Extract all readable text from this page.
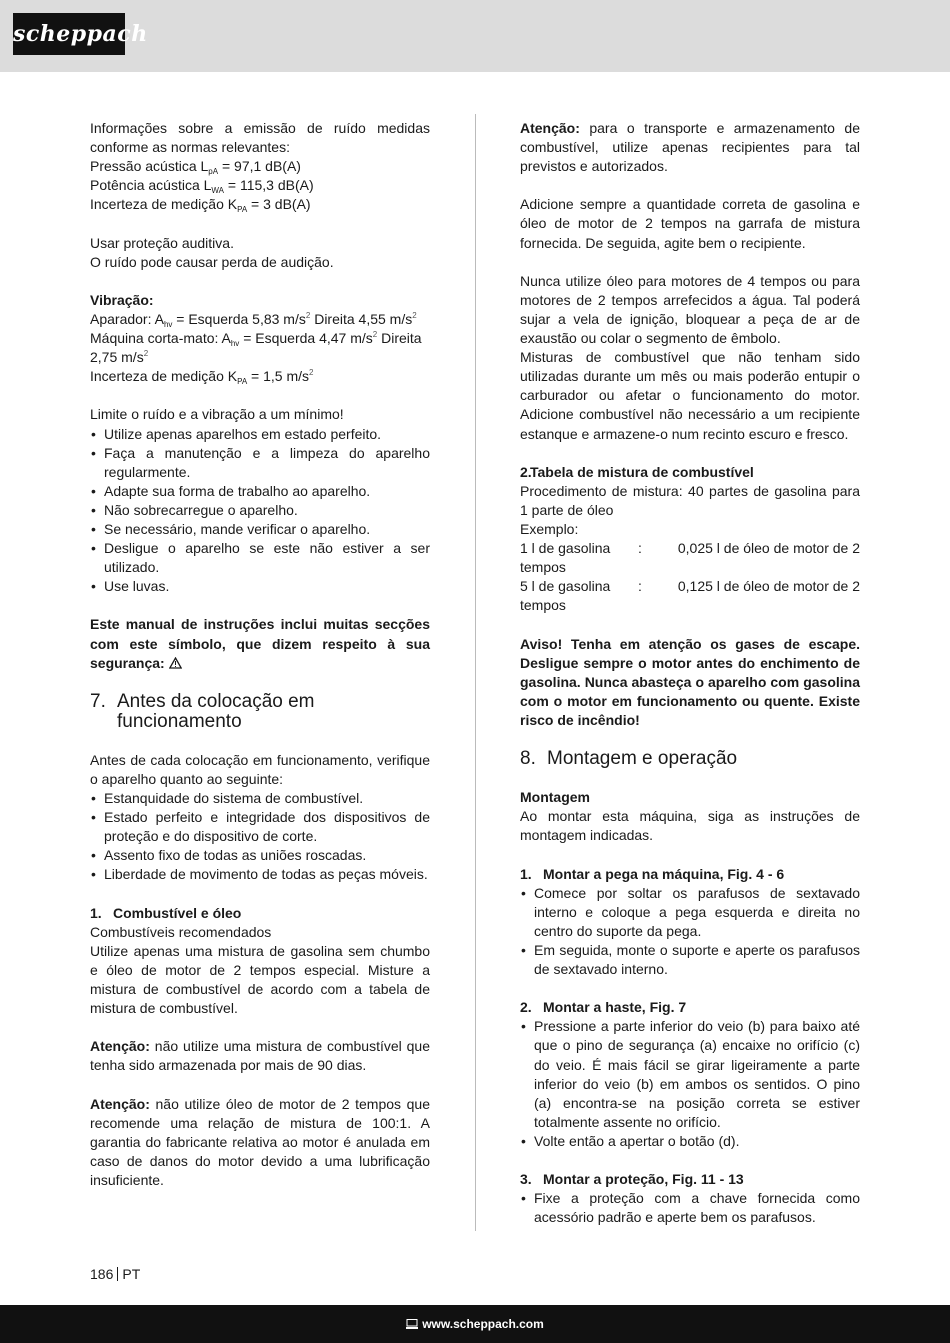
scheppach

Informações sobre a emissão de ruído medidas conforme as normas relevantes:

Pressão acústica $L_{pA} = 97,1$ dB(A)

Potência acústica $L_{WA} = 115,3$ dB(A)

Incerteza de medição $K_{PA} = 3$ dB(A)

Usar proteção auditiva.

O ruído pode causar perda de audição.

Vibração:

Aparador: $A_{hv}$ = Esquerda 5,83 $m/s^2$ Direita 4,55 $m/s^2$

Máquina corta-mato: $A_{hv}$ = Esquerda 4,47 $m/s^2$ Direita 2,75 $m/s^2$

Incerteza de medição $K_{PA} = 1,5$ $m/s^2$

Limite o ruído e a vibração a um mínimo!

• Utilize apenas aparelhos em estado perfeito.
• Faça a manutenção e a limpeza do aparelho regularmente.
• Adapte sua forma de trabalho ao aparelho.
• Não sobrecarregue o aparelho.
• Se necessário, mande verificar o aparelho.
• Desligue o aparelho se este não estiver a ser utilizado.
• Use luvas.

Este manual de instruções inclui muitas secções com este símbolo, que dizem respeito à sua segurança:

7. Antes da colocação em funcionamento

Antes de cada colocação em funcionamento, verifique o aparelho quanto ao seguinte:

• Estanquidade do sistema de combustível.
• Estado perfeito e integridade dos dispositivos de proteção e do dispositivo de corte.
• Assento fixo de todas as uniões roscadas.
• Liberdade de movimento de todas as peças móveis.

1. Combustível e óleo

Combustíveis recomendados

Utilize apenas uma mistura de gasolina sem chumbo e óleo de motor de 2 tempos especial. Misture a mistura de combustível de acordo com a tabela de mistura de combustível.

Atenção: não utilize uma mistura de combustível que tenha sido armazenada por mais de 90 dias.

Atenção: não utilize óleo de motor de 2 tempos que recomende uma relação de mistura de 100:1. A garantia do fabricante relativa ao motor é anulada em caso de danos do motor devido a uma lubrificação insuficiente.

Atenção: para o transporte e armazenamento de combustível, utilize apenas recipientes para tal previstos e autorizados.

Adicione sempre a quantidade correta de gasolina e óleo de motor de 2 tempos na garrafa de mistura fornecida. De seguida, agite bem o recipiente.

Nunca utilize óleo para motores de 4 tempos ou para motores de 2 tempos arrefecidos a água. Tal poderá sujar a vela de ignição, bloquear a peça de ar de exaustão ou colar o segmento de êmbolo.

Misturas de combustível que não tenham sido utilizadas durante um mês ou mais poderão entupir o carburador ou afetar o funcionamento do motor. Adicione combustível não necessário a um recipiente estanque e armazene-o num recinto escuro e fresco.

2.
Tabela de mistura de combustível

Procedimento de mistura: 40 partes de gasolina para 1 parte de óleo

Exemplo:

1 l de gasolina	:	0,025 l de óleo de motor de 2

tempos

5 l de gasolina	:	0,125 l de óleo de motor de 2

tempos

Aviso! Tenha em atenção os gases de escape. Desligue sempre o motor antes do enchimento de gasolina. Nunca abasteça o aparelho com gasolina com o motor em funcionamento ou quente. Existe risco de incêndio!

8. Montagem e operação

Montagem

Ao montar esta máquina, siga as instruções de montagem indicadas.

1. Montar a pega na máquina, Fig. 4 - 6

• Comece por soltar os parafusos de sextavado interno e coloque a pega esquerda e direita no centro do suporte da pega.
• Em seguida, monte o suporte e aperte os parafusos de sextavado interno.

2. Montar a haste, Fig. 7

• Pressione a parte inferior do veio (b) para baixo até que o pino de segurança (a) encaixe no orifício (c) do veio. É mais fácil se girar ligeiramente a parte inferior do veio (b) em ambos os sentidos. O pino (a) encontra-se na posição correta se estiver totalmente assente no orifício.
• Volte então a apertar o botão (d).

3. Montar a proteção, Fig. 11 - 13

• Fixe a proteção com a chave fornecida como acessório padrão e aperte bem os parafusos.
186 PT
www.scheppach.com
